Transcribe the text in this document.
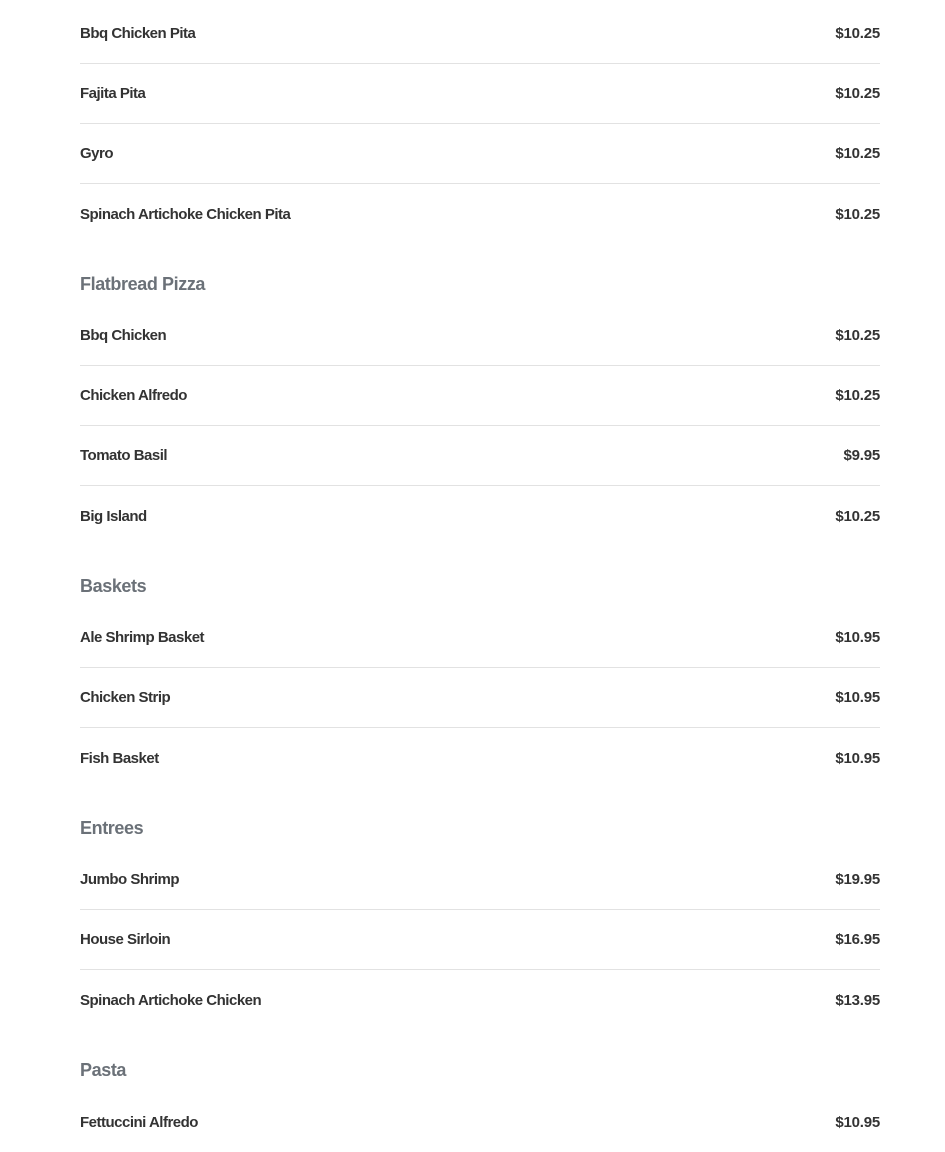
Bbq Chicken Pita	$10.25
Fajita Pita	$10.25
Gyro	$10.25
Spinach Artichoke Chicken Pita	$10.25
Flatbread Pizza
Bbq Chicken	$10.25
Chicken Alfredo	$10.25
Tomato Basil	$9.95
Big Island	$10.25
Baskets
Ale Shrimp Basket	$10.95
Chicken Strip	$10.95
Fish Basket	$10.95
Entrees
Jumbo Shrimp	$19.95
House Sirloin	$16.95
Spinach Artichoke Chicken	$13.95
Pasta
Fettuccini Alfredo	$10.95
